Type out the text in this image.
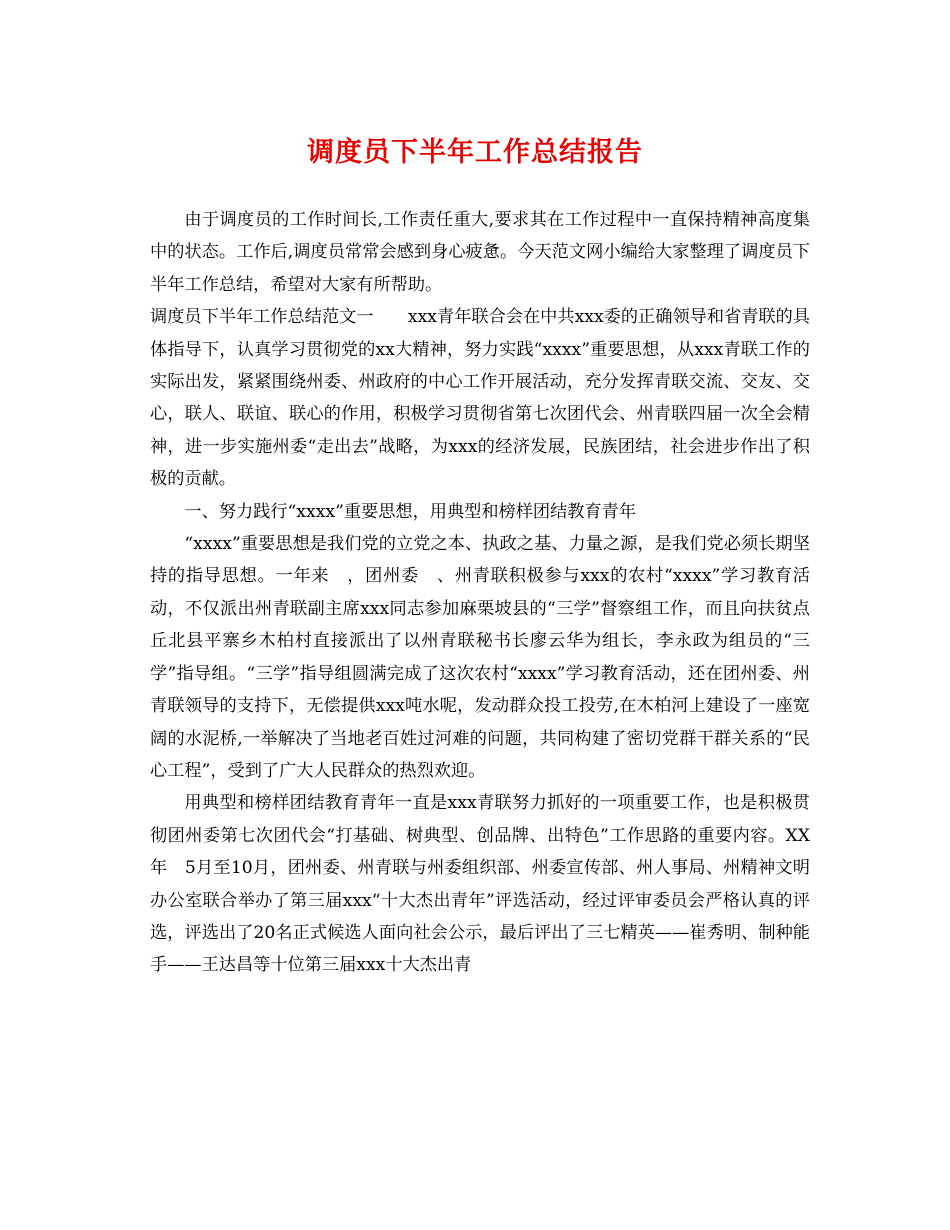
调度员下半年工作总结报告

由于调度员的工作时间长,工作责任重大,要求其在工作过程中一直保持精神高度集中的状态。工作后,调度员常常会感到身心疲惫。今天范文网小编给大家整理了调度员下半年工作总结，希望对大家有所帮助。

调度员下半年工作总结范文一　　xxx青年联合会在中共xxx委的正确领导和省青联的具体指导下，认真学习贯彻党的xx大精神，努力实践“xxxx”重要思想，从xxx青联工作的实际出发，紧紧围绕州委、州政府的中心工作开展活动，充分发挥青联交流、交友、交心，联人、联谊、联心的作用，积极学习贯彻省第七次团代会、州青联四届一次全会精神，进一步实施州委“走出去”战略，为xxx的经济发展，民族团结，社会进步作出了积极的贡献。

一、努力践行“xxxx”重要思想，用典型和榜样团结教育青年

“xxxx”重要思想是我们党的立党之本、执政之基、力量之源，是我们党必须长期坚持的指导思想。一年来　，团州委　、州青联积极参与xxx的农村“xxxx”学习教育活动，不仅派出州青联副主席xxx同志参加麻栗坡县的“三学”督察组工作，而且向扶贫点丘北县平寨乡木柏村直接派出了以州青联秘书长廖云华为组长，李永政为组员的“三学”指导组。“三学”指导组圆满完成了这次农村“xxxx”学习教育活动，还在团州委、州青联领导的支持下，无偿提供xxx吨水呢，发动群众投工投劳,在木柏河上建设了一座宽阔的水泥桥,一举解决了当地老百姓过河难的问题，共同构建了密切党群干群关系的“民心工程”，受到了广大人民群众的热烈欢迎。

用典型和榜样团结教育青年一直是xxx青联努力抓好的一项重要工作，也是积极贯彻团州委第七次团代会“打基础、树典型、创品牌、出特色”工作思路的重要内容。XX年　5月至10月，团州委、州青联与州委组织部、州委宣传部、州人事局、州精神文明办公室联合举办了第三届xxx“十大杰出青年”评选活动，经过评审委员会严格认真的评选，评选出了20名正式候选人面向社会公示，最后评出了三七精英——崔秀明、制种能手——王达昌等十位第三届xxx十大杰出青
